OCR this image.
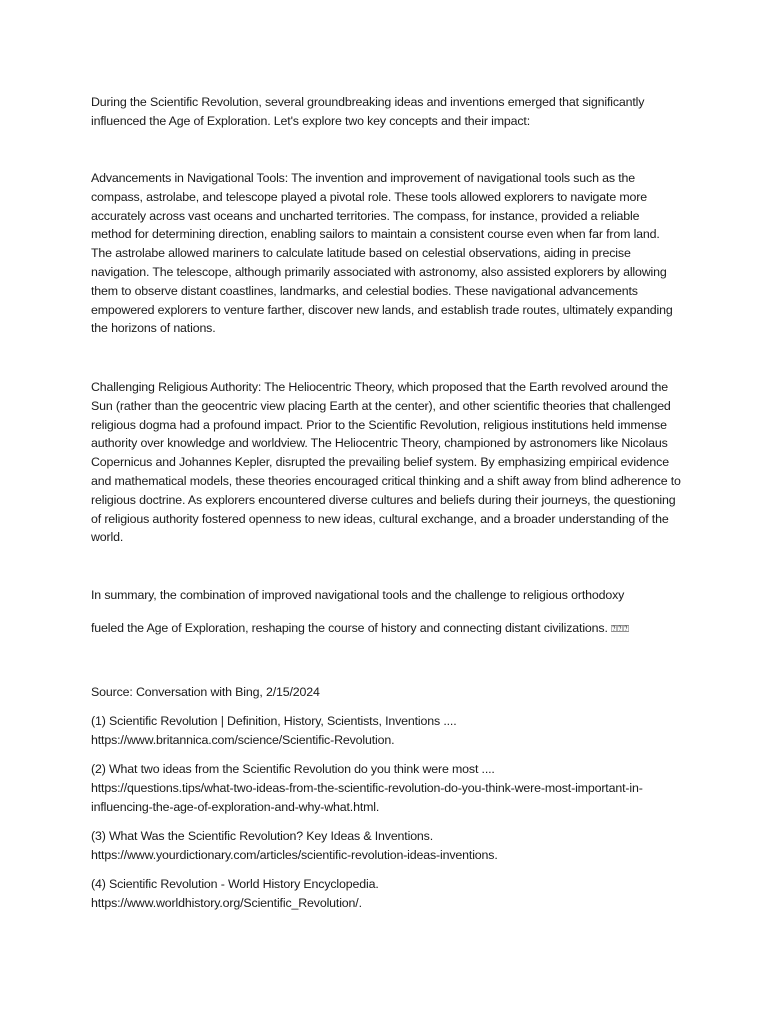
During the Scientific Revolution, several groundbreaking ideas and inventions emerged that significantly influenced the Age of Exploration. Let's explore two key concepts and their impact:

Advancements in Navigational Tools: The invention and improvement of navigational tools such as the compass, astrolabe, and telescope played a pivotal role. These tools allowed explorers to navigate more accurately across vast oceans and uncharted territories. The compass, for instance, provided a reliable method for determining direction, enabling sailors to maintain a consistent course even when far from land. The astrolabe allowed mariners to calculate latitude based on celestial observations, aiding in precise navigation. The telescope, although primarily associated with astronomy, also assisted explorers by allowing them to observe distant coastlines, landmarks, and celestial bodies. These navigational advancements empowered explorers to venture farther, discover new lands, and establish trade routes, ultimately expanding the horizons of nations.

Challenging Religious Authority: The Heliocentric Theory, which proposed that the Earth revolved around the Sun (rather than the geocentric view placing Earth at the center), and other scientific theories that challenged religious dogma had a profound impact. Prior to the Scientific Revolution, religious institutions held immense authority over knowledge and worldview. The Heliocentric Theory, championed by astronomers like Nicolaus Copernicus and Johannes Kepler, disrupted the prevailing belief system. By emphasizing empirical evidence and mathematical models, these theories encouraged critical thinking and a shift away from blind adherence to religious doctrine. As explorers encountered diverse cultures and beliefs during their journeys, the questioning of religious authority fostered openness to new ideas, cultural exchange, and a broader understanding of the world.

In summary, the combination of improved navigational tools and the challenge to religious orthodoxy

fueled the Age of Exploration, reshaping the course of history and connecting distant civilizations. ⍰⍰⍰

Source: Conversation with Bing, 2/15/2024

(1) Scientific Revolution | Definition, History, Scientists, Inventions ....
https://www.britannica.com/science/Scientific-Revolution.

(2) What two ideas from the Scientific Revolution do you think were most ....
https://questions.tips/what-two-ideas-from-the-scientific-revolution-do-you-think-were-most-important-in-influencing-the-age-of-exploration-and-why-what.html.

(3) What Was the Scientific Revolution? Key Ideas & Inventions.
https://www.yourdictionary.com/articles/scientific-revolution-ideas-inventions.

(4) Scientific Revolution - World History Encyclopedia.
https://www.worldhistory.org/Scientific_Revolution/.
